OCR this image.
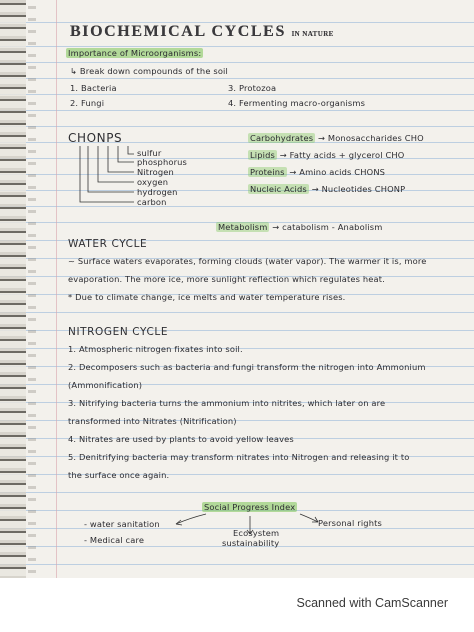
BIOCHEMICAL CYCLES IN NATURE
Importance of Microorganisms:
↳ Break down compounds of the soil
1. Bacteria
2. Fungi
3. Protozoa
4. Fermenting macro-organisms
CHONPS
sulfur
phosphorus
Nitrogen
oxygen
hydrogen
carbon
Carbohydrates → Monosaccharides CHO
Lipids → Fatty acids + glycerol CHO
Proteins → Amino acids CHONS
Nucleic Acids → Nucleotides CHONP
Metabolism → catabolism - Anabolism
WATER CYCLE
~ Surface waters evaporates, forming clouds (water vapor). The warmer it is, more
evaporation. The more ice, more sunlight reflection which regulates heat.
* Due to climate change, ice melts and water temperature rises.
NITROGEN CYCLE
1. Atmospheric nitrogen fixates into soil.
2. Decomposers such as bacteria and fungi transform the nitrogen into Ammonium
(Ammonification)
3. Nitrifying bacteria turns the ammonium into nitrites, which later on are
transformed into Nitrates (Nitrification)
4. Nitrates are used by plants to avoid yellow leaves
5. Denitrifying bacteria may transform nitrates into Nitrogen and releasing it to
the surface once again.
Social Progress Index
- water sanitation
- Medical care
Ecosystem
sustainability
Personal rights
Scanned with CamScanner
